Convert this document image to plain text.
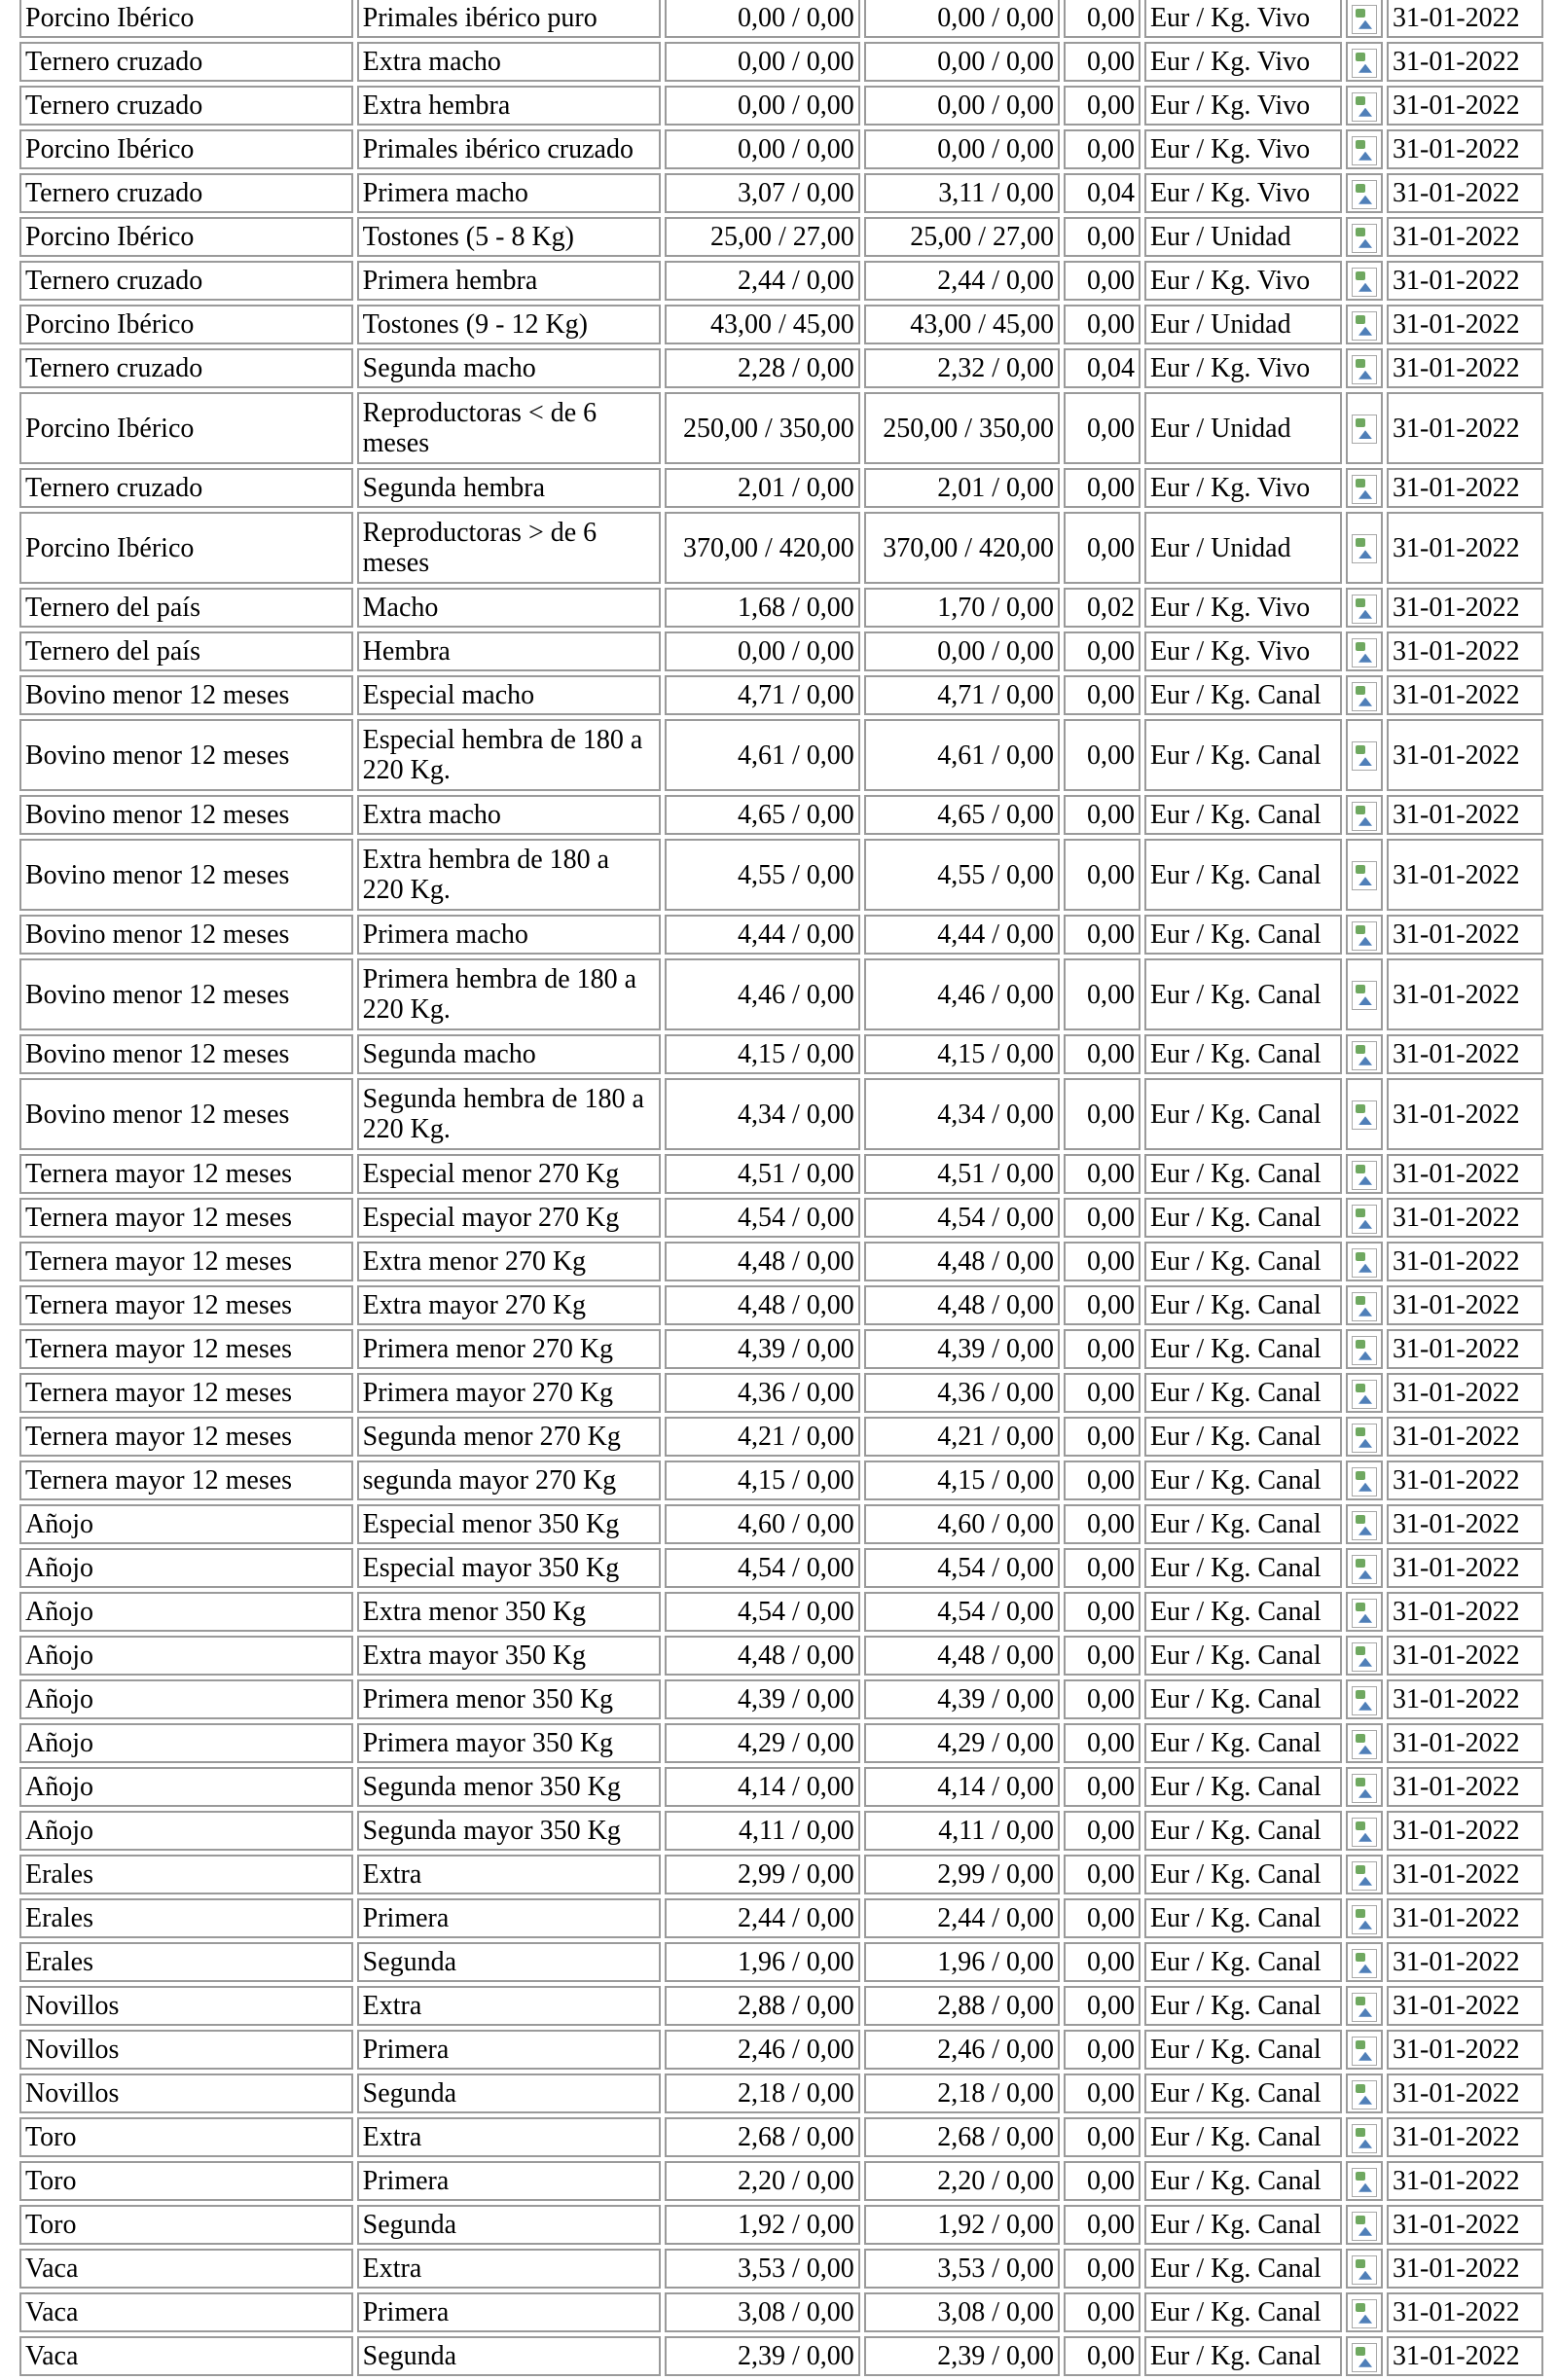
Porcino Ibérico	Primales ibérico puro	0,00 / 0,00	0,00 / 0,00	0,00	Eur / Kg. Vivo		31-01-2022
Ternero cruzado	Extra macho	0,00 / 0,00	0,00 / 0,00	0,00	Eur / Kg. Vivo		31-01-2022
Ternero cruzado	Extra hembra	0,00 / 0,00	0,00 / 0,00	0,00	Eur / Kg. Vivo		31-01-2022
Porcino Ibérico	Primales ibérico cruzado	0,00 / 0,00	0,00 / 0,00	0,00	Eur / Kg. Vivo		31-01-2022
Ternero cruzado	Primera macho	3,07 / 0,00	3,11 / 0,00	0,04	Eur / Kg. Vivo		31-01-2022
Porcino Ibérico	Tostones (5 - 8 Kg)	25,00 / 27,00	25,00 / 27,00	0,00	Eur / Unidad		31-01-2022
Ternero cruzado	Primera hembra	2,44 / 0,00	2,44 / 0,00	0,00	Eur / Kg. Vivo		31-01-2022
Porcino Ibérico	Tostones (9 - 12 Kg)	43,00 / 45,00	43,00 / 45,00	0,00	Eur / Unidad		31-01-2022
Ternero cruzado	Segunda macho	2,28 / 0,00	2,32 / 0,00	0,04	Eur / Kg. Vivo		31-01-2022
Porcino Ibérico	Reproductoras < de 6 meses	250,00 / 350,00	250,00 / 350,00	0,00	Eur / Unidad		31-01-2022
Ternero cruzado	Segunda hembra	2,01 / 0,00	2,01 / 0,00	0,00	Eur / Kg. Vivo		31-01-2022
Porcino Ibérico	Reproductoras > de 6 meses	370,00 / 420,00	370,00 / 420,00	0,00	Eur / Unidad		31-01-2022
Ternero del país	Macho	1,68 / 0,00	1,70 / 0,00	0,02	Eur / Kg. Vivo		31-01-2022
Ternero del país	Hembra	0,00 / 0,00	0,00 / 0,00	0,00	Eur / Kg. Vivo		31-01-2022
Bovino menor 12 meses	Especial macho	4,71 / 0,00	4,71 / 0,00	0,00	Eur / Kg. Canal		31-01-2022
Bovino menor 12 meses	Especial hembra de 180 a 220 Kg.	4,61 / 0,00	4,61 / 0,00	0,00	Eur / Kg. Canal		31-01-2022
Bovino menor 12 meses	Extra macho	4,65 / 0,00	4,65 / 0,00	0,00	Eur / Kg. Canal		31-01-2022
Bovino menor 12 meses	Extra hembra de 180 a 220 Kg.	4,55 / 0,00	4,55 / 0,00	0,00	Eur / Kg. Canal		31-01-2022
Bovino menor 12 meses	Primera macho	4,44 / 0,00	4,44 / 0,00	0,00	Eur / Kg. Canal		31-01-2022
Bovino menor 12 meses	Primera hembra de 180 a 220 Kg.	4,46 / 0,00	4,46 / 0,00	0,00	Eur / Kg. Canal		31-01-2022
Bovino menor 12 meses	Segunda macho	4,15 / 0,00	4,15 / 0,00	0,00	Eur / Kg. Canal		31-01-2022
Bovino menor 12 meses	Segunda hembra de 180 a 220 Kg.	4,34 / 0,00	4,34 / 0,00	0,00	Eur / Kg. Canal		31-01-2022
Ternera mayor 12 meses	Especial menor 270 Kg	4,51 / 0,00	4,51 / 0,00	0,00	Eur / Kg. Canal		31-01-2022
Ternera mayor 12 meses	Especial mayor 270 Kg	4,54 / 0,00	4,54 / 0,00	0,00	Eur / Kg. Canal		31-01-2022
Ternera mayor 12 meses	Extra menor 270 Kg	4,48 / 0,00	4,48 / 0,00	0,00	Eur / Kg. Canal		31-01-2022
Ternera mayor 12 meses	Extra mayor 270 Kg	4,48 / 0,00	4,48 / 0,00	0,00	Eur / Kg. Canal		31-01-2022
Ternera mayor 12 meses	Primera menor 270 Kg	4,39 / 0,00	4,39 / 0,00	0,00	Eur / Kg. Canal		31-01-2022
Ternera mayor 12 meses	Primera mayor 270 Kg	4,36 / 0,00	4,36 / 0,00	0,00	Eur / Kg. Canal		31-01-2022
Ternera mayor 12 meses	Segunda menor 270 Kg	4,21 / 0,00	4,21 / 0,00	0,00	Eur / Kg. Canal		31-01-2022
Ternera mayor 12 meses	segunda mayor 270 Kg	4,15 / 0,00	4,15 / 0,00	0,00	Eur / Kg. Canal		31-01-2022
Añojo	Especial menor 350 Kg	4,60 / 0,00	4,60 / 0,00	0,00	Eur / Kg. Canal		31-01-2022
Añojo	Especial mayor 350 Kg	4,54 / 0,00	4,54 / 0,00	0,00	Eur / Kg. Canal		31-01-2022
Añojo	Extra menor 350 Kg	4,54 / 0,00	4,54 / 0,00	0,00	Eur / Kg. Canal		31-01-2022
Añojo	Extra mayor 350 Kg	4,48 / 0,00	4,48 / 0,00	0,00	Eur / Kg. Canal		31-01-2022
Añojo	Primera menor 350 Kg	4,39 / 0,00	4,39 / 0,00	0,00	Eur / Kg. Canal		31-01-2022
Añojo	Primera mayor 350 Kg	4,29 / 0,00	4,29 / 0,00	0,00	Eur / Kg. Canal		31-01-2022
Añojo	Segunda menor 350 Kg	4,14 / 0,00	4,14 / 0,00	0,00	Eur / Kg. Canal		31-01-2022
Añojo	Segunda mayor 350 Kg	4,11 / 0,00	4,11 / 0,00	0,00	Eur / Kg. Canal		31-01-2022
Erales	Extra	2,99 / 0,00	2,99 / 0,00	0,00	Eur / Kg. Canal		31-01-2022
Erales	Primera	2,44 / 0,00	2,44 / 0,00	0,00	Eur / Kg. Canal		31-01-2022
Erales	Segunda	1,96 / 0,00	1,96 / 0,00	0,00	Eur / Kg. Canal		31-01-2022
Novillos	Extra	2,88 / 0,00	2,88 / 0,00	0,00	Eur / Kg. Canal		31-01-2022
Novillos	Primera	2,46 / 0,00	2,46 / 0,00	0,00	Eur / Kg. Canal		31-01-2022
Novillos	Segunda	2,18 / 0,00	2,18 / 0,00	0,00	Eur / Kg. Canal		31-01-2022
Toro	Extra	2,68 / 0,00	2,68 / 0,00	0,00	Eur / Kg. Canal		31-01-2022
Toro	Primera	2,20 / 0,00	2,20 / 0,00	0,00	Eur / Kg. Canal		31-01-2022
Toro	Segunda	1,92 / 0,00	1,92 / 0,00	0,00	Eur / Kg. Canal		31-01-2022
Vaca	Extra	3,53 / 0,00	3,53 / 0,00	0,00	Eur / Kg. Canal		31-01-2022
Vaca	Primera	3,08 / 0,00	3,08 / 0,00	0,00	Eur / Kg. Canal		31-01-2022
Vaca	Segunda	2,39 / 0,00	2,39 / 0,00	0,00	Eur / Kg. Canal		31-01-2022
